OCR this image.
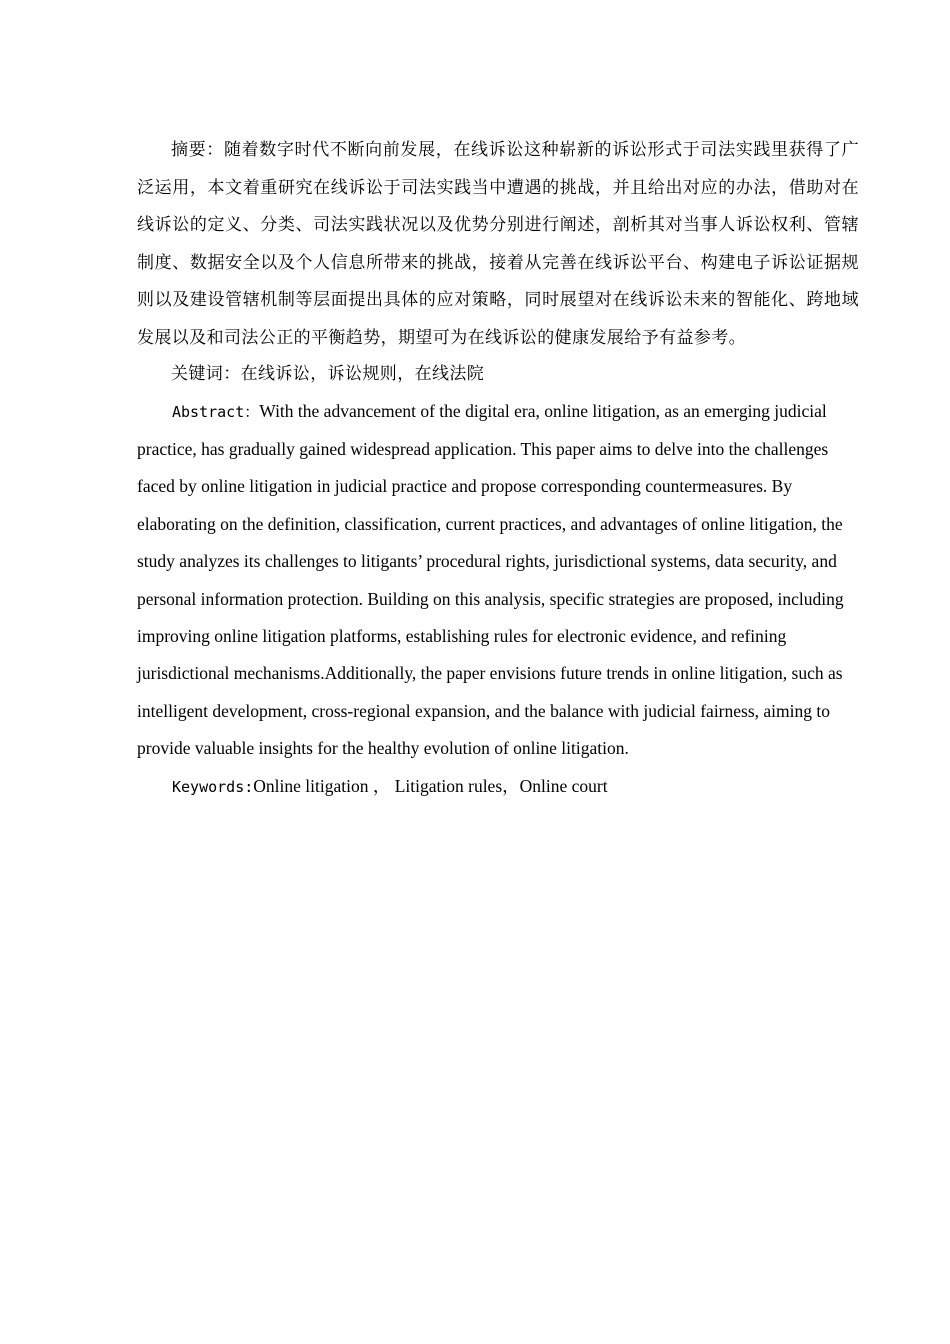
摘要：随着数字时代不断向前发展，在线诉讼这种崭新的诉讼形式于司法实践里获得了广泛运用，本文着重研究在线诉讼于司法实践当中遭遇的挑战，并且给出对应的办法，借助对在线诉讼的定义、分类、司法实践状况以及优势分别进行阐述，剖析其对当事人诉讼权利、管辖制度、数据安全以及个人信息所带来的挑战，接着从完善在线诉讼平台、构建电子诉讼证据规则以及建设管辖机制等层面提出具体的应对策略，同时展望对在线诉讼未来的智能化、跨地域发展以及和司法公正的平衡趋势，期望可为在线诉讼的健康发展给予有益参考。

关键词：在线诉讼，诉讼规则，在线法院

Abstract：With the advancement of the digital era, online litigation, as an emerging judicial practice, has gradually gained widespread application. This paper aims to delve into the challenges faced by online litigation in judicial practice and propose corresponding countermeasures. By elaborating on the definition, classification, current practices, and advantages of online litigation, the study analyzes its challenges to litigants’ procedural rights, jurisdictional systems, data security, and personal information protection. Building on this analysis, specific strategies are proposed, including improving online litigation platforms, establishing rules for electronic evidence, and refining jurisdictional mechanisms.Additionally, the paper envisions future trends in online litigation, such as intelligent development, cross-regional expansion, and the balance with judicial fairness, aiming to provide valuable insights for the healthy evolution of online litigation.

Keywords:Online litigation ， Litigation rules，Online court
